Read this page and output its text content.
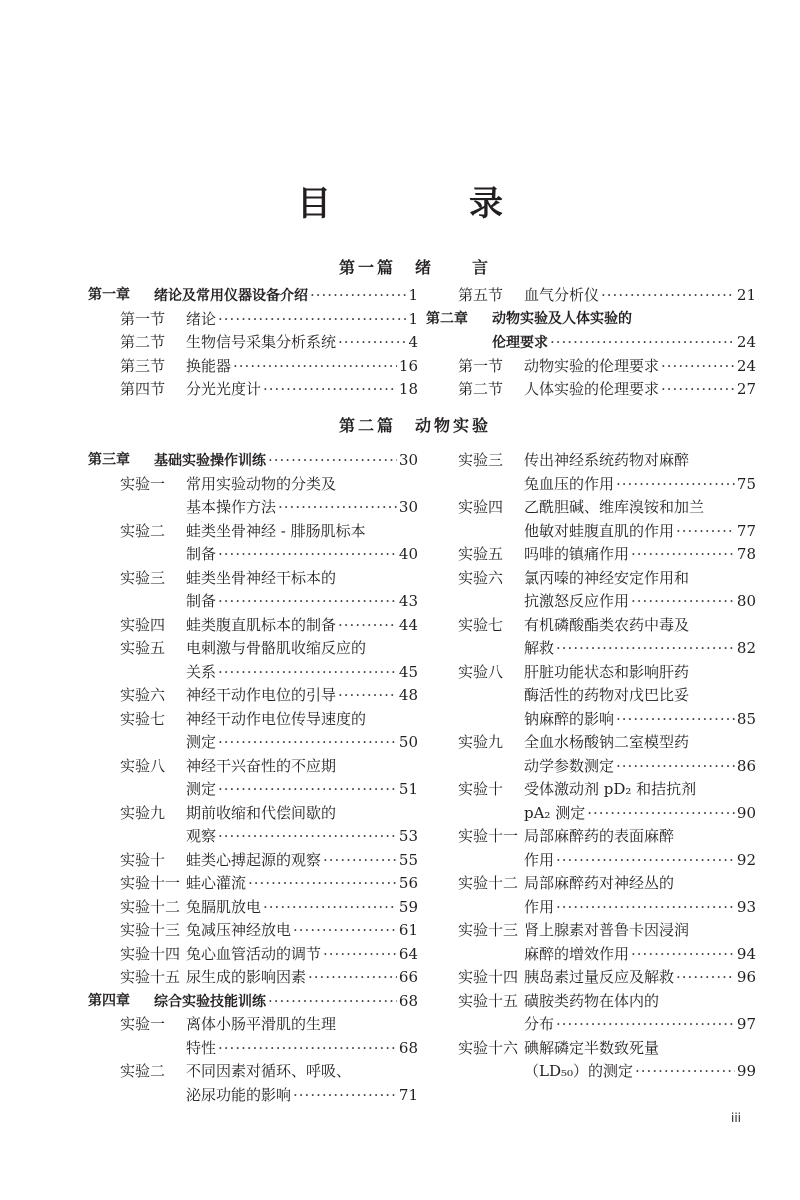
目　录
第一篇　绪　　言
第一章 绪论及常用仪器设备介绍 ·····	1
第一节 绪论 ·····	1
第二节 生物信号采集分析系统 ·····	4
第三节 换能器 ·····	16
第四节 分光光度计 ·····	18
第五节 血气分析仪 ·····	21
第二章 动物实验及人体实验的
伦理要求 ·····	24
第一节 动物实验的伦理要求 ·····	24
第二节 人体实验的伦理要求 ·····	27
第二篇　动物实验
第三章 基础实验操作训练 ·····	30
实验一 常用实验动物的分类及
基本操作方法 ·····	30
实验二 蛙类坐骨神经 - 腓肠肌标本
制备 ·····	40
实验三 蛙类坐骨神经干标本的
制备 ·····	43
实验四 蛙类腹直肌标本的制备 ·····	44
实验五 电刺激与骨骼肌收缩反应的
关系 ·····	45
实验六 神经干动作电位的引导 ·····	48
实验七 神经干动作电位传导速度的
测定 ·····	50
实验八 神经干兴奋性的不应期
测定 ·····	51
实验九 期前收缩和代偿间歇的
观察 ·····	53
实验十 蛙类心搏起源的观察 ·····	55
实验十一 蛙心灌流 ·····	56
实验十二 兔膈肌放电 ·····	59
实验十三 兔减压神经放电 ·····	61
实验十四 兔心血管活动的调节 ·····	64
实验十五 尿生成的影响因素 ·····	66
第四章 综合实验技能训练 ·····	68
实验一 离体小肠平滑肌的生理
特性 ·····	68
实验二 不同因素对循环、呼吸、
泌尿功能的影响 ·····	71
实验三 传出神经系统药物对麻醉
兔血压的作用 ·····	75
实验四 乙酰胆碱、维库溴铵和加兰
他敏对蛙腹直肌的作用 ·····	77
实验五 吗啡的镇痛作用 ·····	78
实验六 氯丙嗪的神经安定作用和
抗激怒反应作用 ·····	80
实验七 有机磷酸酯类农药中毒及
解救 ·····	82
实验八 肝脏功能状态和影响肝药
酶活性的药物对戊巴比妥
钠麻醉的影响 ·····	85
实验九 全血水杨酸钠二室模型药
动学参数测定 ·····	86
实验十 受体激动剂 pD₂ 和拮抗剂
pA₂ 测定 ·····	90
实验十一 局部麻醉药的表面麻醉
作用 ·····	92
实验十二 局部麻醉药对神经丛的
作用 ·····	93
实验十三 肾上腺素对普鲁卡因浸润
麻醉的增效作用 ·····	94
实验十四 胰岛素过量反应及解救 ·····	96
实验十五 磺胺类药物在体内的
分布 ·····	97
实验十六 碘解磷定半数致死量
（LD₅₀）的测定 ·····	99
iii
